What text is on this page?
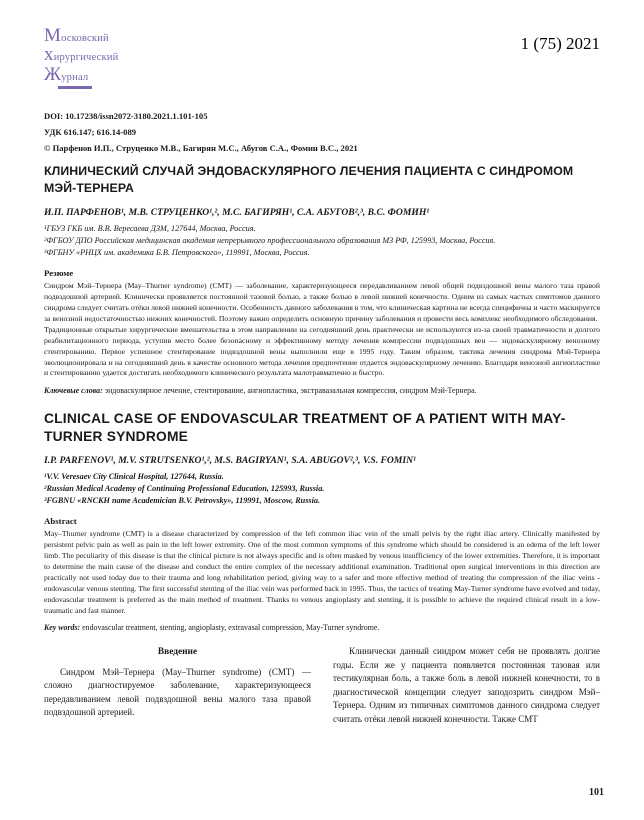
Московский
хирургический
Журнал
1 (75) 2021
DOI: 10.17238/issn2072-3180.2021.1.101-105
УДК 616.147; 616.14-089
© Парфенов И.П., Струценко М.В., Багирян М.С., Абугов С.А., Фомин В.С., 2021
КЛИНИЧЕСКИЙ СЛУЧАЙ ЭНДОВАСКУЛЯРНОГО ЛЕЧЕНИЯ ПАЦИЕНТА С СИНДРОМОМ МЭЙ-ТЕРНЕРА
И.П. ПАРФЕНОВ¹, М.В. СТРУЦЕНКО¹,², М.С. БАГИРЯН¹, С.А. АБУГОВ²,³, В.С. ФОМИН¹
¹ГБУЗ ГКБ им. В.В. Вересаева ДЗМ, 127644, Москва, Россия.
²ФГБОУ ДПО Российская медицинская академия непрерывного профессионального образования МЗ РФ, 125993, Москва, Россия.
³ФГБНУ «РНЦХ им. академика Б.В. Петровского», 119991, Москва, Россия.
Резюме

Синдром Мэй–Тернера (May–Thurner syndrome) (СМТ) — заболевание, характеризующееся передавливанием левой общей подвздошной вены малого таза правой подвздошной артерией. Клинически проявляется постоянной тазовой болью, а также болью в левой нижней конечности. Одним из самых частых симптомов данного синдрома следует считать отёки левой нижней конечности. Особенность данного заболевания в том, что клиническая картина не всегда специфична и часто маскируется за венозной недостаточностью нижних конечностей. Поэтому важно определить основную причину заболевания и провести весь комплекс необходимого обследования.

Традиционные открытые хирургические вмешательства в этом направлении на сегодняшний день практически не используются из-за своей травматичности и долгого реабилитационного периода, уступив место более безопасному и эффективному методу лечения компрессии подвздошных вен — эндоваскулярному венозному стентированию. Первое успешное стентирование подвздошной вены выполнили еще в 1995 году. Таким образом, тактика лечения синдрома Мэй-Тернера эволюционировала и на сегодняшний день в качестве основного метода лечения предпочтение отдается эндоваскулярному лечению. Благодаря венозной ангиопластике и стентированию удается достигать необходимого клинического результата малотравматично и быстро.

Ключевые слова: эндоваскулярное лечение, стентирование, ангиопластика, экстравазальная компрессия, синдром Мэй-Тернера.
CLINICAL CASE OF ENDOVASCULAR TREATMENT OF A PATIENT WITH MAY-TURNER SYNDROME
I.P. PARFENOV¹, M.V. STRUTSENKO¹,², M.S. BAGIRYAN¹, S.A. ABUGOV²,³, V.S. FOMIN¹
¹V.V. Veresaev City Clinical Hospital, 127644, Russia.
²Russian Medical Academy of Continuing Professional Education, 125993, Russia.
³FGBNU «RNCKH name Academician B.V. Petrovsky», 119991, Moscow, Russia.
Abstract

May–Thurner syndrome (CMT) is a disease characterized by compression of the left common iliac vein of the small pelvis by the right iliac artery. Clinically manifested by persistent pelvic pain as well as pain in the left lower extremity. One of the most common symptoms of this syndrome which should be considered is an edema of the left lower limb. The peculiarity of this disease is that the clinical picture is not always specific and is often masked by venous insufficiency of the lower extremities. Therefore, it is important to determine the main cause of the disease and conduct the entire complex of the necessary additional examination. Traditional open surgical interventions in this direction are practically not used today due to their trauma and long rehabilitation period, giving way to a safer and more effective method of treating the compression of the iliac veins - endovascular venous stenting. The first successful stenting of the iliac vein was performed back in 1995. Thus, the tactics of treating May-Turner syndrome have evolved and today, endovascular treatment is preferred as the main method of treatment. Thanks to venous angioplasty and stenting, it is possible to achieve the required clinical result in a low-traumatic and fast manner.

Key words: endovascular treatment, stenting, angioplasty, extravasal compression, May-Turner syndrome.
Введение

Синдром Мэй–Тернера (May–Thurner syndrome) (СМТ) — сложно диагностируемое заболевание, характеризующееся передавливанием левой подвздошной вены малого таза правой подвздошной артерией.

Клинически данный синдром может себя не проявлять долгие годы. Если же у пациента появляется постоянная тазовая или тестикулярная боль, а также боль в левой нижней конечности, то в диагностической концепции следует заподозрить синдром Мэй–Тернера. Одним из типичных симптомов данного синдрома следует считать отёки левой нижней конечности. Также СМТ

101
